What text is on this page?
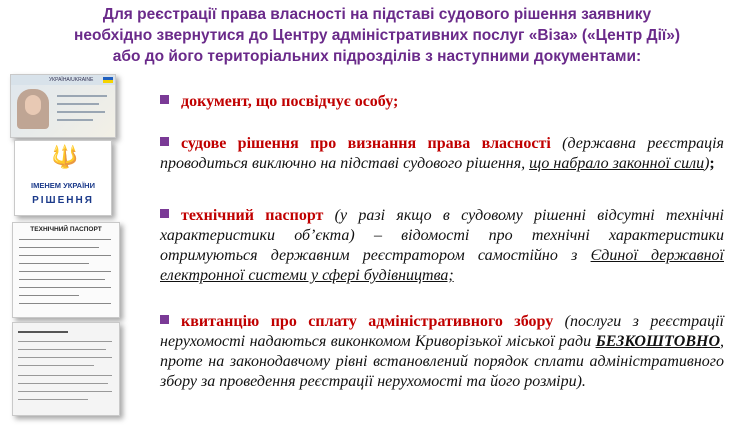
Для реєстрації права власності на підставі судового рішення заявнику
необхідно звернутися до Центру адміністративних послуг «Віза» («Центр Дії»)
або до його територіальних підрозділів з наступними документами:
УКРАЇНА/UKRAINE
🔱
ІМЕНЕМ УКРАЇНИ
РІШЕННЯ
ТЕХНІЧНИЙ ПАСПОРТ
документ, що посвідчує особу;
судове рішення про визнання права власності (державна реєстрація проводиться виключно на підставі судового рішення, що набрало законної сили);
технічний паспорт (у разі якщо в судовому рішенні відсутні технічні характеристики об’єкта) – відомості про технічні характеристики отримуються державним реєстратором самостійно з Єдиної державної електронної системи у сфері будівництва;
квитанцію про сплату адміністративного збору (послуги з реєстрації нерухомості надаються виконкомом Криворізької міської ради БЕЗКОШТОВНО, проте на законодавчому рівні встановлений порядок сплати адміністративного збору за проведення реєстрації нерухомості та його розміри).
